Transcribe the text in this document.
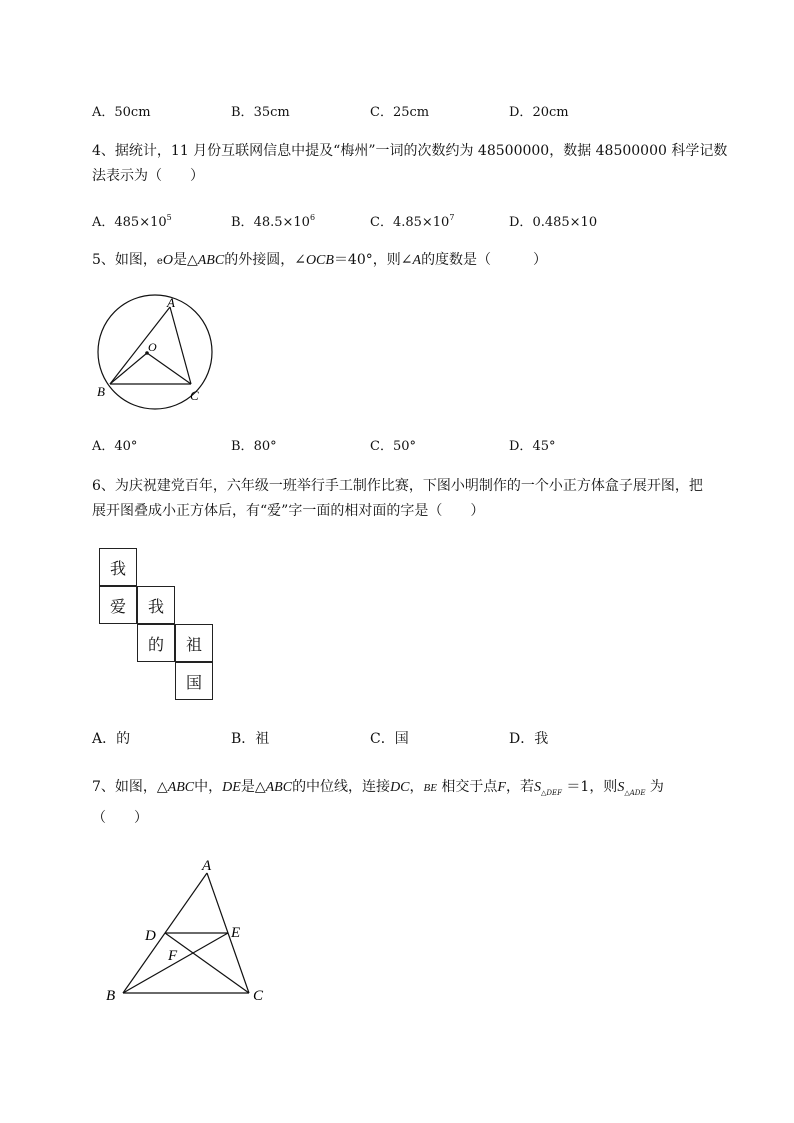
A．50cm	B．35cm	C．25cm	D．20cm
4、据统计，11 月份互联网信息中提及“梅州”一词的次数约为 48500000，数据 48500000 科学记数
法表示为（　　）
A．$485\times 10^5$	B．$48.5\times 10^6$	C．$4.85\times 10^7$	D．0.485×10
5、如图，eO是△ABC的外接圆，∠OCB＝40°，则∠A的度数是（　　　）
A
O
B	C
A．40°	B．80°	C．50°	D．45°
6、为庆祝建党百年，六年级一班举行手工制作比赛，下图小明制作的一个小正方体盒子展开图，把
展开图叠成小正方体后，有“爱”字一面的相对面的字是（　　）
我
爱	我
的	祖
国
A．的	B．祖	C．国	D．我
7、如图，△ABC中，DE是△ABC的中位线，连接DC，BE 相交于点F，若$S_{\triangle DEF} =1$，则$S_{\triangle ADE}$ 为
（　　）
A
D	E
F
B	C
